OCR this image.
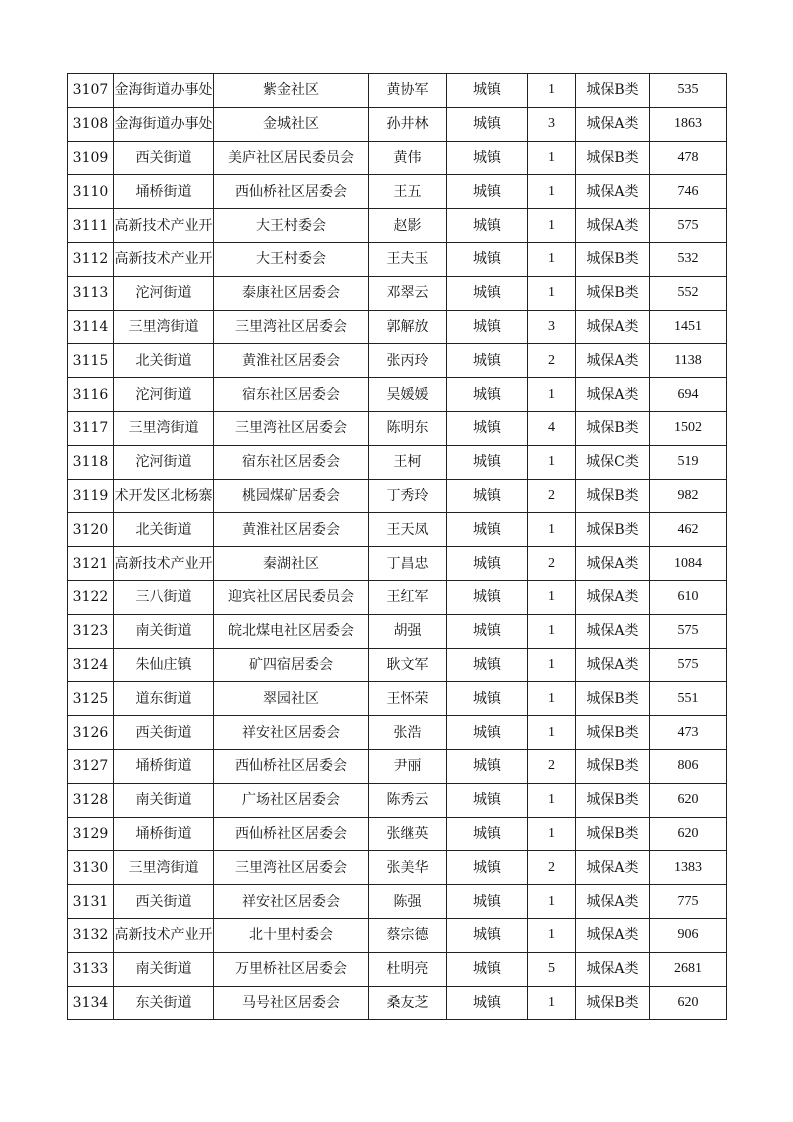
3107	金海街道办事处	紫金社区	黄协军	城镇	1	城保B类	535
3108	金海街道办事处	金城社区	孙井林	城镇	3	城保A类	1863
3109	西关街道	美庐社区居民委员会	黄伟	城镇	1	城保B类	478
3110	埇桥街道	西仙桥社区居委会	王五	城镇	1	城保A类	746
3111	高新技术产业开	大王村委会	赵影	城镇	1	城保A类	575
3112	高新技术产业开	大王村委会	王夫玉	城镇	1	城保B类	532
3113	沱河街道	泰康社区居委会	邓翠云	城镇	1	城保B类	552
3114	三里湾街道	三里湾社区居委会	郭解放	城镇	3	城保A类	1451
3115	北关街道	黄淮社区居委会	张丙玲	城镇	2	城保A类	1138
3116	沱河街道	宿东社区居委会	吴媛媛	城镇	1	城保A类	694
3117	三里湾街道	三里湾社区居委会	陈明东	城镇	4	城保B类	1502
3118	沱河街道	宿东社区居委会	王柯	城镇	1	城保C类	519
3119	术开发区北杨寨	桃园煤矿居委会	丁秀玲	城镇	2	城保B类	982
3120	北关街道	黄淮社区居委会	王天凤	城镇	1	城保B类	462
3121	高新技术产业开	秦湖社区	丁昌忠	城镇	2	城保A类	1084
3122	三八街道	迎宾社区居民委员会	王红军	城镇	1	城保A类	610
3123	南关街道	皖北煤电社区居委会	胡强	城镇	1	城保A类	575
3124	朱仙庄镇	矿四宿居委会	耿文军	城镇	1	城保A类	575
3125	道东街道	翠园社区	王怀荣	城镇	1	城保B类	551
3126	西关街道	祥安社区居委会	张浩	城镇	1	城保B类	473
3127	埇桥街道	西仙桥社区居委会	尹丽	城镇	2	城保B类	806
3128	南关街道	广场社区居委会	陈秀云	城镇	1	城保B类	620
3129	埇桥街道	西仙桥社区居委会	张继英	城镇	1	城保B类	620
3130	三里湾街道	三里湾社区居委会	张美华	城镇	2	城保A类	1383
3131	西关街道	祥安社区居委会	陈强	城镇	1	城保A类	775
3132	高新技术产业开	北十里村委会	蔡宗德	城镇	1	城保A类	906
3133	南关街道	万里桥社区居委会	杜明亮	城镇	5	城保A类	2681
3134	东关街道	马号社区居委会	桑友芝	城镇	1	城保B类	620
